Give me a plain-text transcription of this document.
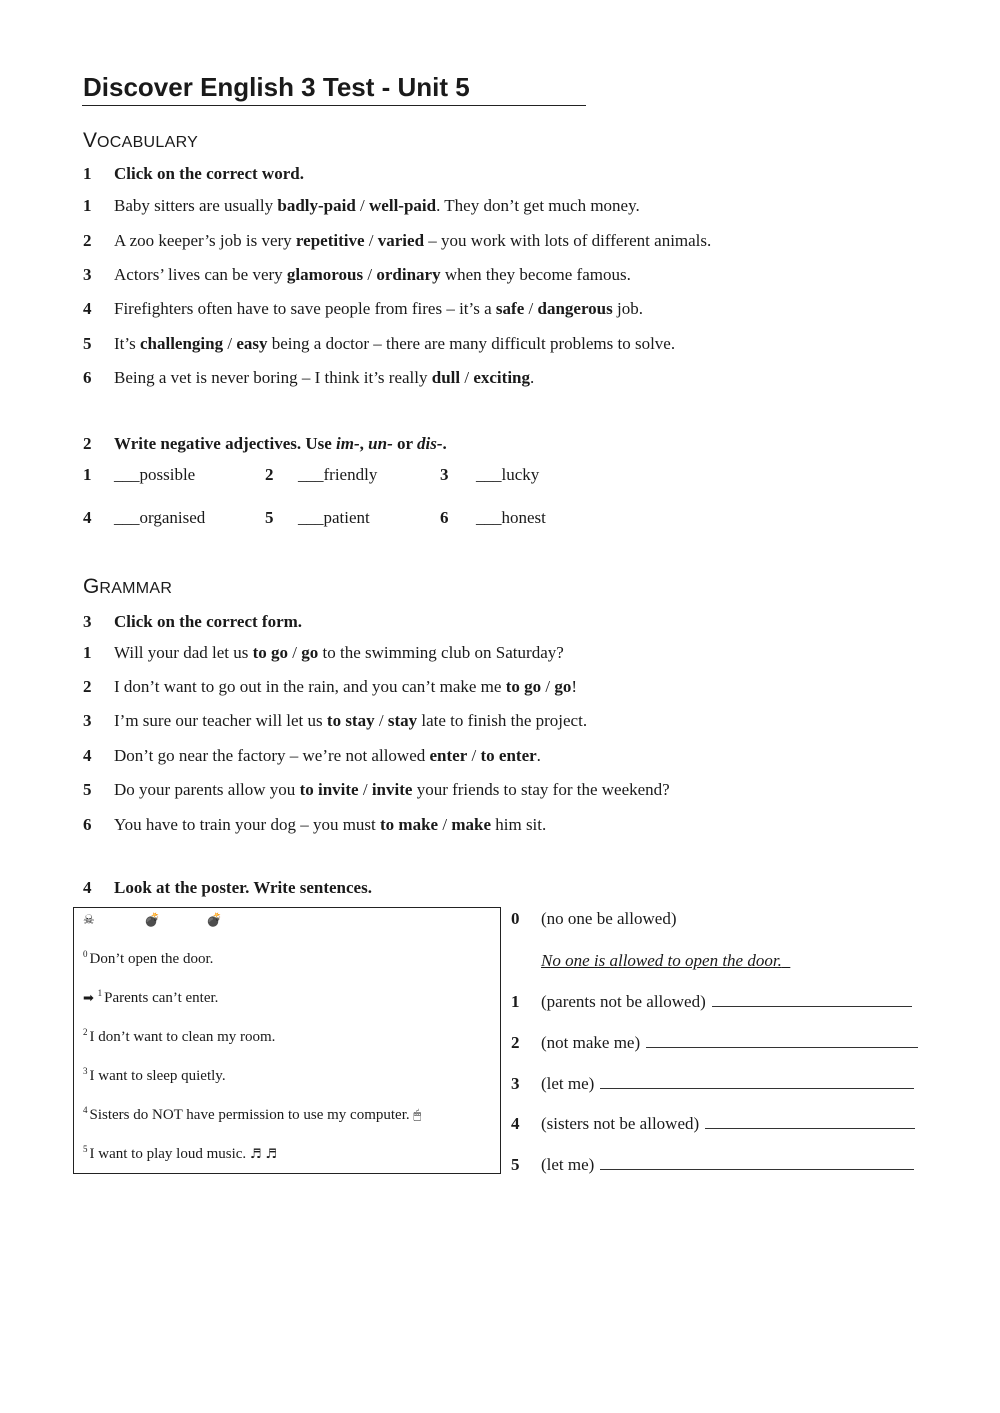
Discover English 3 Test - Unit 5
VOCABULARY
1 Click on the correct word.
1 Baby sitters are usually badly-paid / well-paid. They don’t get much money.
2 A zoo keeper’s job is very repetitive / varied – you work with lots of different animals.
3 Actors’ lives can be very glamorous / ordinary when they become famous.
4 Firefighters often have to save people from fires – it’s a safe / dangerous job.
5 It’s challenging / easy being a doctor – there are many difficult problems to solve.
6 Being a vet is never boring – I think it’s really dull / exciting.
2 Write negative adjectives. Use im-, un- or dis-.
1 ___possible	2 ___friendly	3 ___lucky
4 ___organised	5 ___patient	6 ___honest
GRAMMAR
3 Click on the correct form.
1 Will your dad let us to go / go to the swimming club on Saturday?
2 I don’t want to go out in the rain, and you can’t make me to go / go!
3 I’m sure our teacher will let us to stay / stay late to finish the project.
4 Don’t go near the factory – we’re not allowed enter / to enter.
5 Do your parents allow you to invite / invite your friends to stay for the weekend?
6 You have to train your dog – you must to make / make him sit.
4 Look at the poster. Write sentences.
☠	💣	💣
$^0$ Don’t open the door.
➡ $^1$ Parents can’t enter.
$^2$ I don’t want to clean my room.
$^3$ I want to sleep quietly.
$^4$ Sisters do NOT have permission to use my computer. 🖱
$^5$ I want to play loud music. ♬ ♬
0 (no one be allowed)
No one is allowed to open the door.
1 (parents not be allowed)
2 (not make me)
3 (let me)
4 (sisters not be allowed)
5 (let me)
